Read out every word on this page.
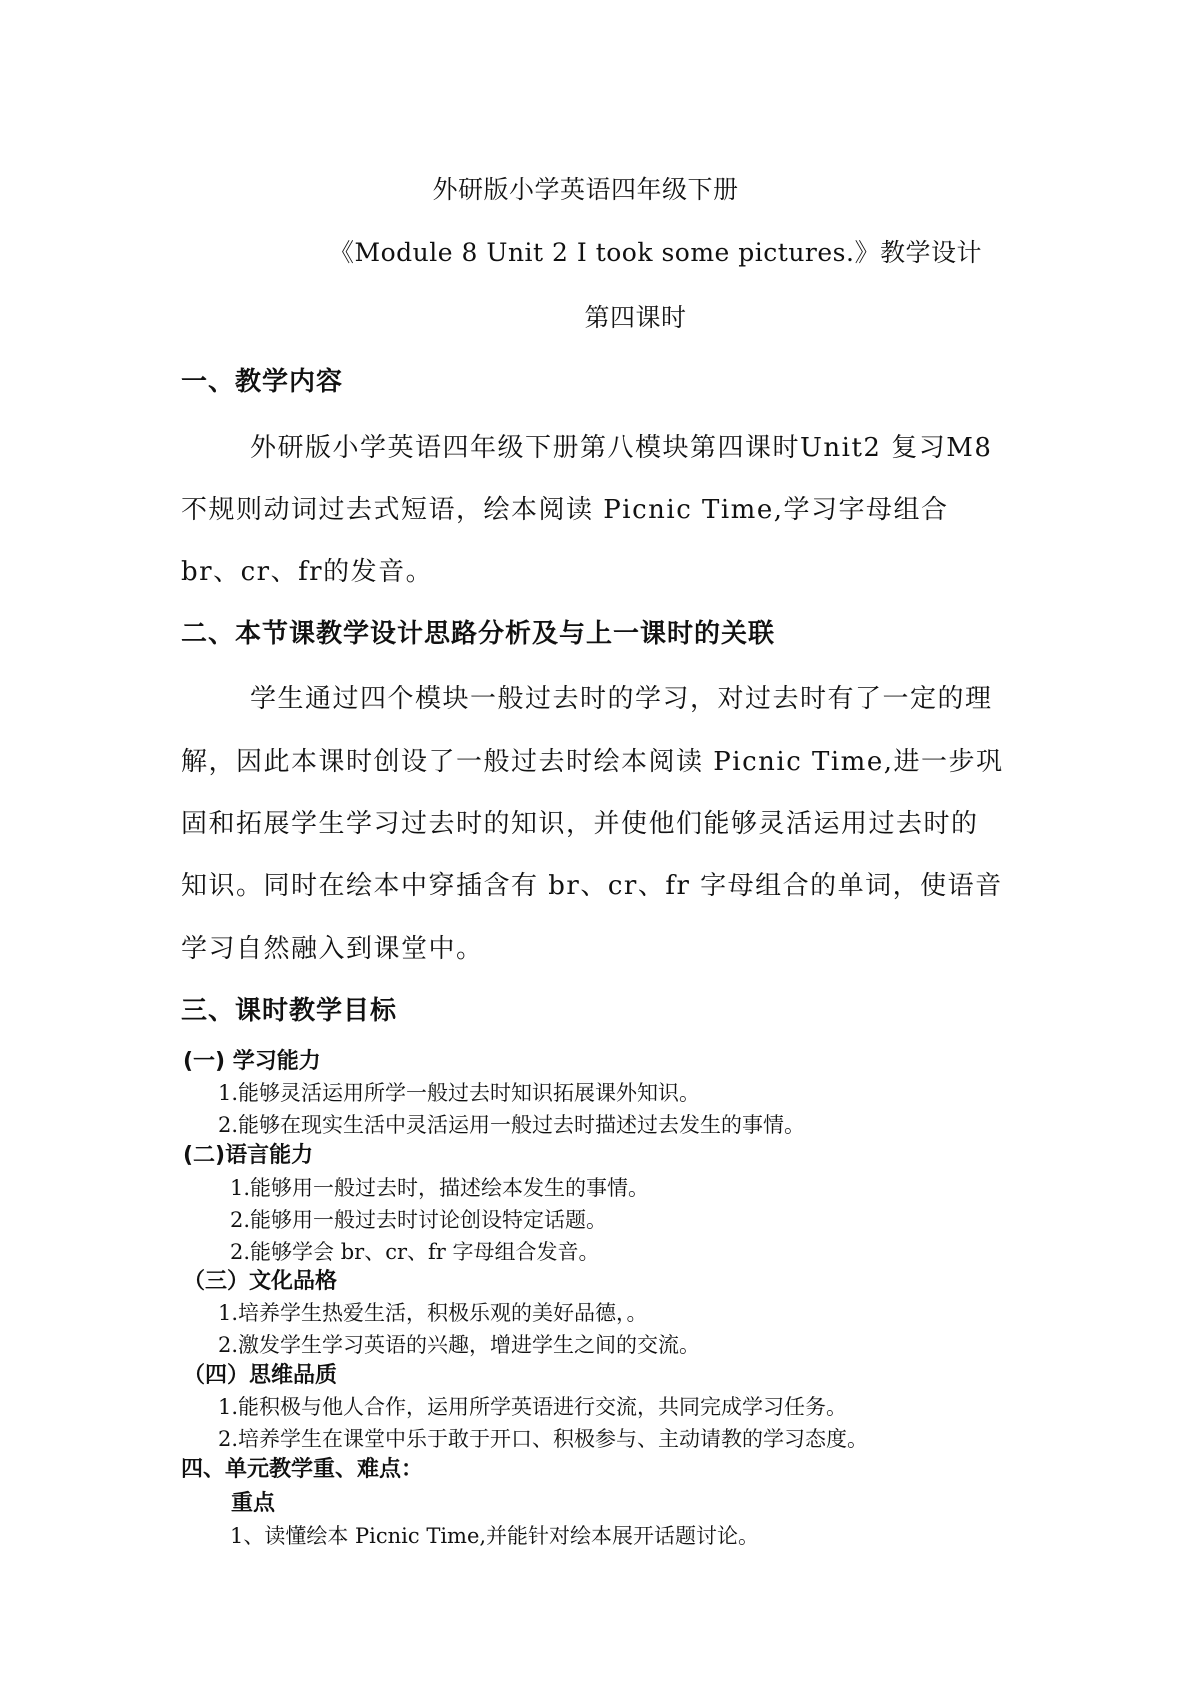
外研版小学英语四年级下册

《Module 8 Unit 2 I took some pictures.》教学设计

第四课时

一、教学内容

外研版小学英语四年级下册第八模块第四课时Unit2 复习M8

不规则动词过去式短语，绘本阅读 Picnic Time,学习字母组合

br、cr、fr的发音。

二、本节课教学设计思路分析及与上一课时的关联

学生通过四个模块一般过去时的学习，对过去时有了一定的理

解，因此本课时创设了一般过去时绘本阅读 Picnic Time,进一步巩

固和拓展学生学习过去时的知识，并使他们能够灵活运用过去时的

知识。同时在绘本中穿插含有 br、cr、fr 字母组合的单词，使语音

学习自然融入到课堂中。

三、课时教学目标

(一) 学习能力

1.能够灵活运用所学一般过去时知识拓展课外知识。

2.能够在现实生活中灵活运用一般过去时描述过去发生的事情。

(二)语言能力

1.能够用一般过去时，描述绘本发生的事情。

2.能够用一般过去时讨论创设特定话题。

2.能够学会 br、cr、fr 字母组合发音。

（三）文化品格

1.培养学生热爱生活，积极乐观的美好品德，。

2.激发学生学习英语的兴趣，增进学生之间的交流。

（四）思维品质

1.能积极与他人合作，运用所学英语进行交流，共同完成学习任务。

2.培养学生在课堂中乐于敢于开口、积极参与、主动请教的学习态度。

四、单元教学重、难点：

重点

1、读懂绘本 Picnic Time,并能针对绘本展开话题讨论。
